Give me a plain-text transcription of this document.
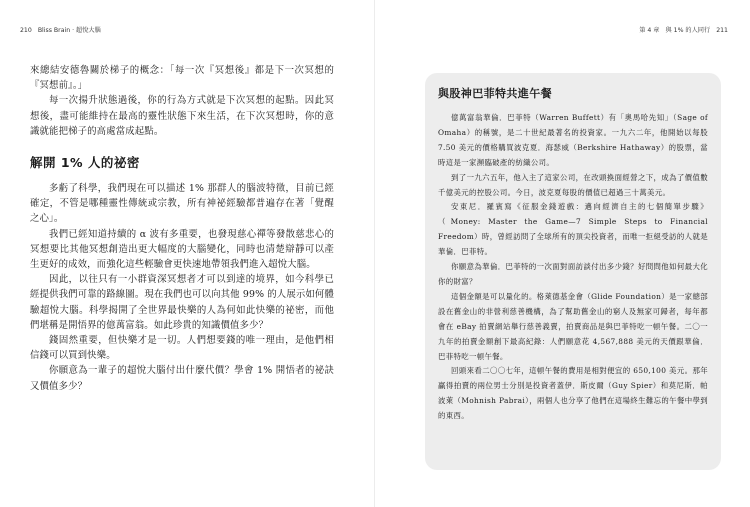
210 Bliss Brain · 超悅大腦

來總結安德魯關於梯子的概念：「每一次『冥想後』都是下一次冥想的『冥想前』。」

每一次揚升狀態過後，你的行為方式就是下次冥想的起點。因此冥想後，盡可能維持在最高的靈性狀態下來生活，在下次冥想時，你的意識就能把梯子的高處當成起點。

解開 1% 人的祕密

多虧了科學，我們現在可以描述 1% 那群人的腦波特徵，目前已經確定，不管是哪種靈性傳統或宗教，所有神祕經驗都普遍存在著「覺醒之心」。

我們已經知道持續的 α 波有多重要，也發現慈心禪等發散慈悲心的冥想要比其他冥想創造出更大幅度的大腦變化，同時也清楚辯靜可以產生更好的成效，而強化這些輕驗會更快速地帶領我們進入超悅大腦。

因此，以往只有一小群資深冥想者才可以到達的境界，如今科學已經提供我們可靠的路線圖。現在我們也可以向其他 99% 的人展示如何體驗超悅大腦。科學揭開了全世界最快樂的人為何如此快樂的祕密，而他們堪稱是開悟界的億萬富翁。如此珍貴的知識價值多少？

錢固然重要，但快樂才是一切。人們想要錢的唯一理由，是他們相信錢可以買到快樂。

你願意為一輩子的超悅大腦付出什麼代價？學會 1% 開悟者的祕訣又價值多少？

第 4 章 與 1% 的人同行 211
與股神巴菲特共進午餐

億萬富翁華倫．巴菲特（Warren Buffett）有「奧馬哈先知」（Sage of Omaha）的稱號，是二十世紀最著名的投資家。一九六二年，他開始以每股 7.50 美元的價格購買波克夏．海瑟威（Berkshire Hathaway）的股票，當時這是一家瀕臨破產的紡織公司。

到了一九六五年，他入主了這家公司，在改頭換面經營之下，成為了價值數千億美元的控股公司。今日，波克夏每股的價值已超過三十萬美元。

安東尼．羅賓寫《征服金錢遊戲：邁向經濟自主的七個簡單步驟》（Money: Master the Game—7 Simple Steps to Financial Freedom）時，曾經訪問了全球所有的頂尖投資者，而唯一拒絕受訪的人就是華倫．巴菲特。

你願意為華倫．巴菲特的一次面對面訪談付出多少錢？好問問他如何最大化你的財富？

這個金額是可以量化的。格萊德基金會（Glide Foundation）是一家總部設在舊金山的非營利慈善機構，為了幫助舊金山的窮人及無家可歸者，每年都會在 eBay 拍賣網站舉行慈善義賣，拍賣商品是與巴菲特吃一頓午餐。二〇一九年的拍賣金額創下最高紀錄：人們願意花 4,567,888 美元的天價跟華倫．巴菲特吃一頓午餐。

回頭來看二〇〇七年，這頓午餐的費用是相對便宜的 650,100 美元。那年贏得拍賣的兩位男士分別是投資者蓋伊．斯皮爾（Guy Spier）和莫尼斯．帕波萊（Mohnish Pabrai），兩個人也分享了他們在這場終生難忘的午餐中學到的東西。
